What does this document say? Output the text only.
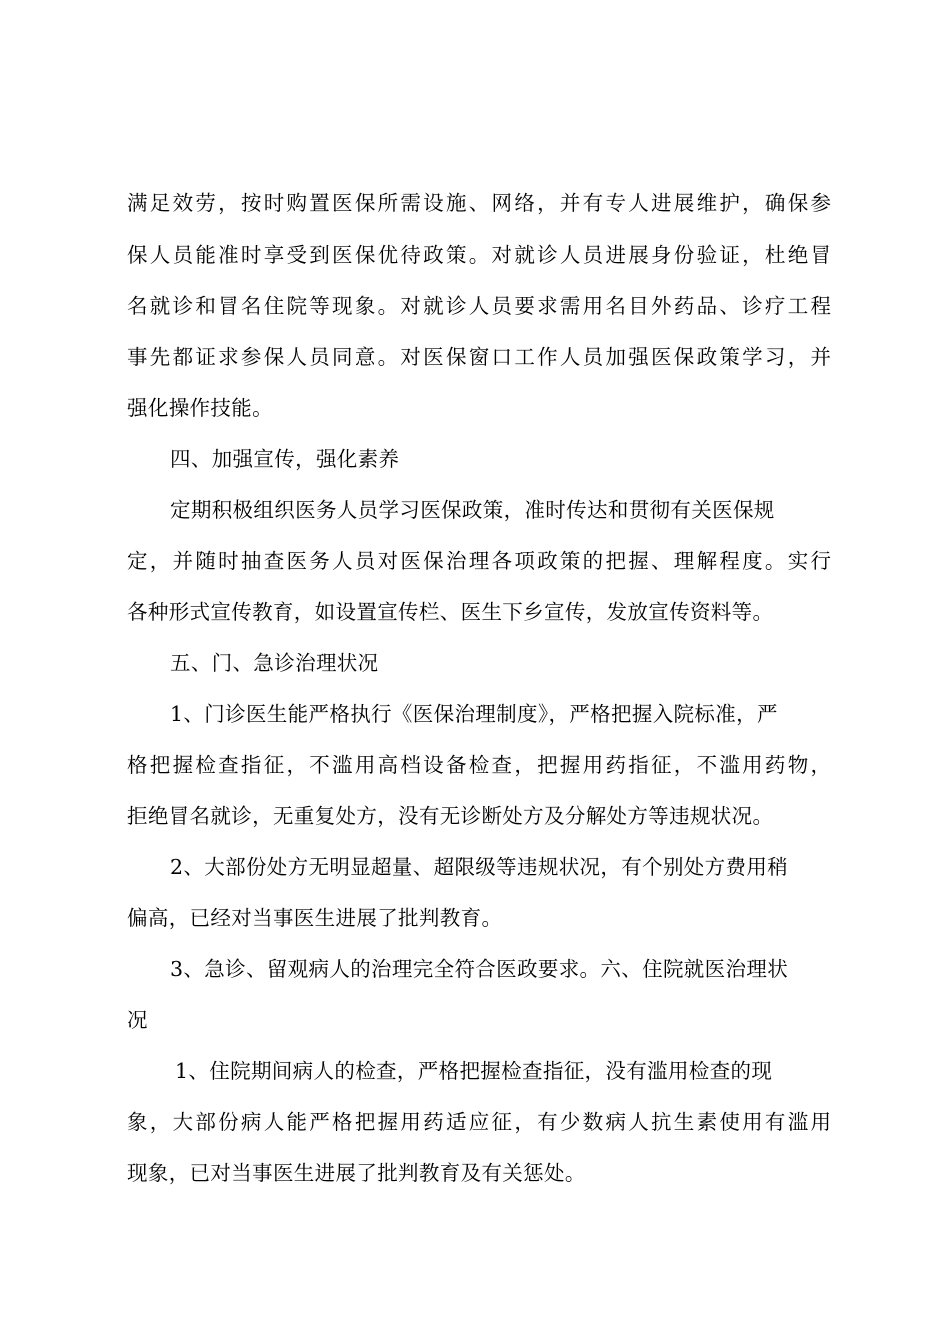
满足效劳，按时购置医保所需设施、网络，并有专人进展维护，确保参
保人员能准时享受到医保优待政策。对就诊人员进展身份验证，杜绝冒
名就诊和冒名住院等现象。对就诊人员要求需用名目外药品、诊疗工程
事先都证求参保人员同意。对医保窗口工作人员加强医保政策学习，并
强化操作技能。
四、加强宣传，强化素养
定期积极组织医务人员学习医保政策，准时传达和贯彻有关医保规
定，并随时抽查医务人员对医保治理各项政策的把握、理解程度。实行
各种形式宣传教育，如设置宣传栏、医生下乡宣传，发放宣传资料等。
五、门、急诊治理状况
1、门诊医生能严格执行《医保治理制度》，严格把握入院标准，严
格把握检查指征，不滥用高档设备检查，把握用药指征，不滥用药物，
拒绝冒名就诊，无重复处方，没有无诊断处方及分解处方等违规状况。
2、大部份处方无明显超量、超限级等违规状况，有个别处方费用稍
偏高，已经对当事医生进展了批判教育。
3、急诊、留观病人的治理完全符合医政要求。六、住院就医治理状
况
1、住院期间病人的检查，严格把握检查指征，没有滥用检查的现
象，大部份病人能严格把握用药适应征，有少数病人抗生素使用有滥用
现象，已对当事医生进展了批判教育及有关惩处。
